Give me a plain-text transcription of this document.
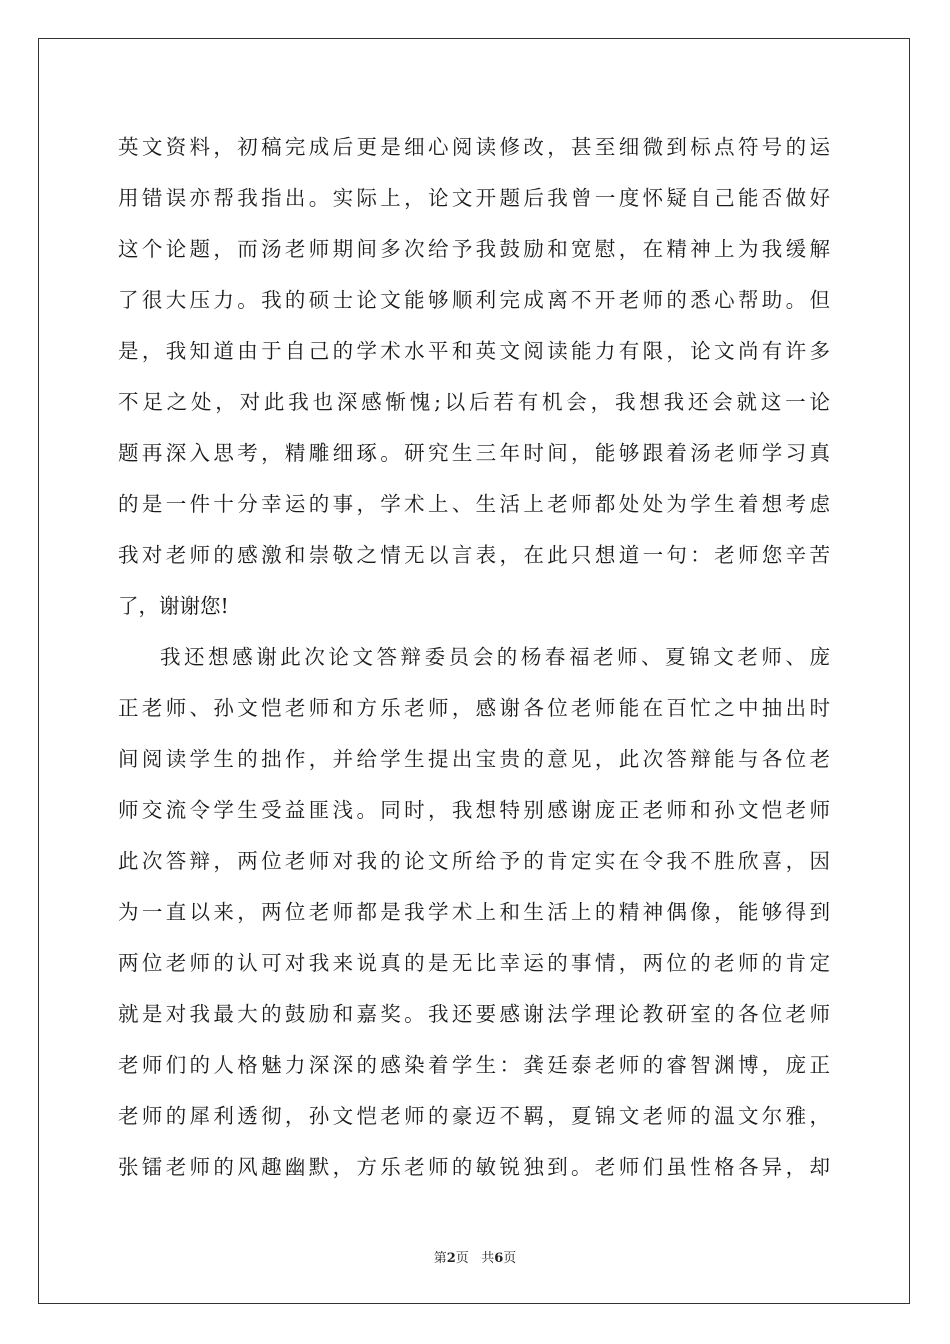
英文资料，初稿完成后更是细心阅读修改，甚至细微到标点符号的运
用错误亦帮我指出。实际上，论文开题后我曾一度怀疑自己能否做好
这个论题，而汤老师期间多次给予我鼓励和宽慰，在精神上为我缓解
了很大压力。我的硕士论文能够顺利完成离不开老师的悉心帮助。但
是，我知道由于自己的学术水平和英文阅读能力有限，论文尚有许多
不足之处，对此我也深感惭愧;以后若有机会，我想我还会就这一论
题再深入思考，精雕细琢。研究生三年时间，能够跟着汤老师学习真
的是一件十分幸运的事，学术上、生活上老师都处处为学生着想考虑
我对老师的感激和崇敬之情无以言表，在此只想道一句：老师您辛苦
了，谢谢您!
我还想感谢此次论文答辩委员会的杨春福老师、夏锦文老师、庞
正老师、孙文恺老师和方乐老师，感谢各位老师能在百忙之中抽出时
间阅读学生的拙作，并给学生提出宝贵的意见，此次答辩能与各位老
师交流令学生受益匪浅。同时，我想特别感谢庞正老师和孙文恺老师
此次答辩，两位老师对我的论文所给予的肯定实在令我不胜欣喜，因
为一直以来，两位老师都是我学术上和生活上的精神偶像，能够得到
两位老师的认可对我来说真的是无比幸运的事情，两位的老师的肯定
就是对我最大的鼓励和嘉奖。我还要感谢法学理论教研室的各位老师
老师们的人格魅力深深的感染着学生：龚廷泰老师的睿智渊博，庞正
老师的犀利透彻，孙文恺老师的豪迈不羁，夏锦文老师的温文尔雅，
张镭老师的风趣幽默，方乐老师的敏锐独到。老师们虽性格各异，却
第2页 共6页
